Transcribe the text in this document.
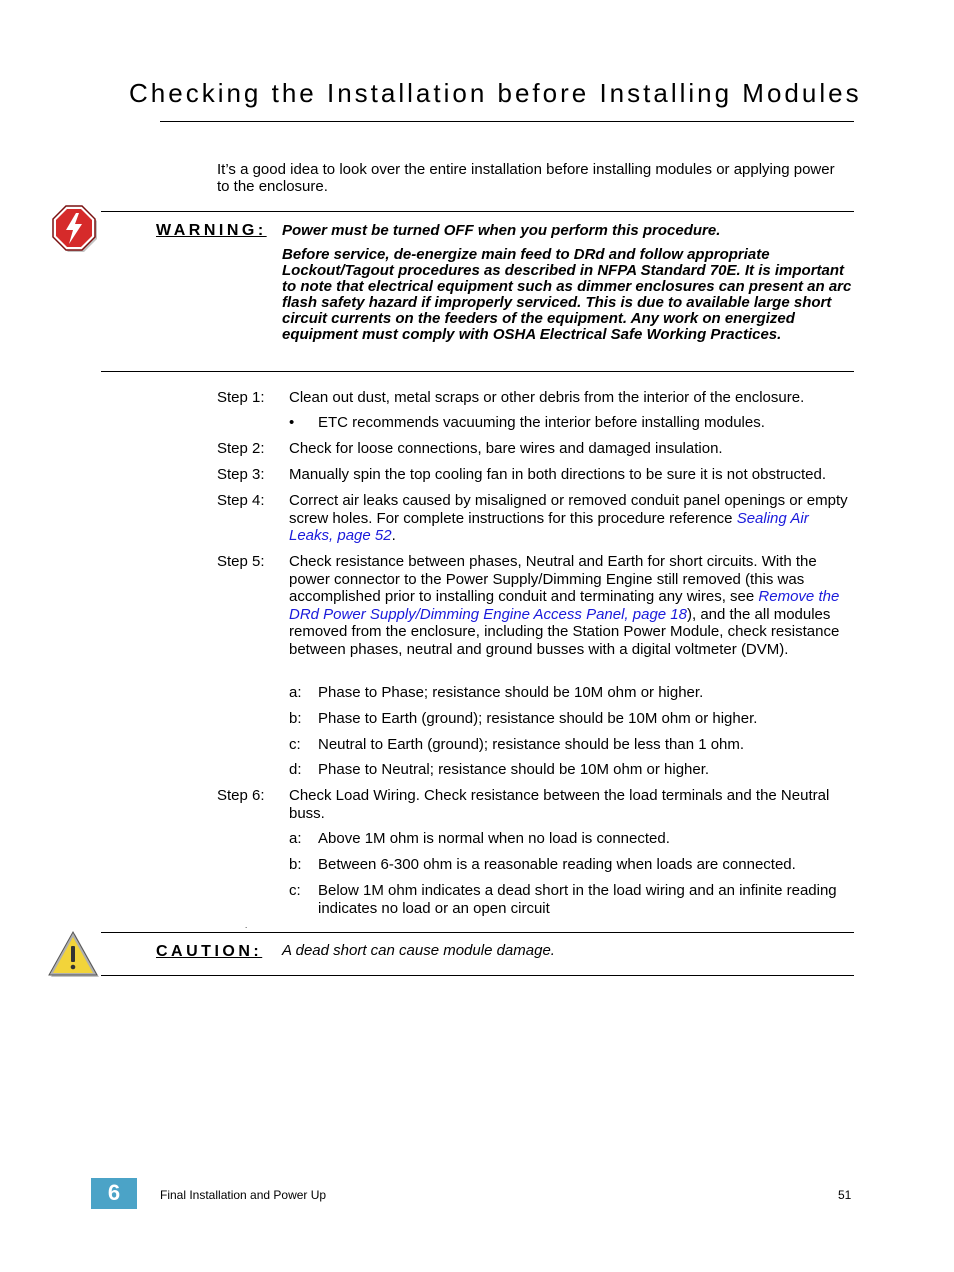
Checking the Installation before Installing Modules

It’s a good idea to look over the entire installation before installing modules or applying power to the enclosure.

WARNING: Power must be turned OFF when you perform this procedure.

Before service, de-energize main feed to DRd and follow appropriate Lockout/Tagout procedures as described in NFPA Standard 70E. It is important to note that electrical equipment such as dimmer enclosures can present an arc flash safety hazard if improperly serviced. This is due to available large short circuit currents on the feeders of the equipment. Any work on energized equipment must comply with OSHA Electrical Safe Working Practices.

Step 1: Clean out dust, metal scraps or other debris from the interior of the enclosure.
• ETC recommends vacuuming the interior before installing modules.
Step 2: Check for loose connections, bare wires and damaged insulation.
Step 3: Manually spin the top cooling fan in both directions to be sure it is not obstructed.
Step 4: Correct air leaks caused by misaligned or removed conduit panel openings or empty screw holes. For complete instructions for this procedure reference Sealing Air Leaks, page 52.
Step 5: Check resistance between phases, Neutral and Earth for short circuits. With the power connector to the Power Supply/Dimming Engine still removed (this was accomplished prior to installing conduit and terminating any wires, see Remove the DRd Power Supply/Dimming Engine Access Panel, page 18), and the all modules removed from the enclosure, including the Station Power Module, check resistance between phases, neutral and ground busses with a digital voltmeter (DVM).
a: Phase to Phase; resistance should be 10M ohm or higher.
b: Phase to Earth (ground); resistance should be 10M ohm or higher.
c: Neutral to Earth (ground); resistance should be less than 1 ohm.
d: Phase to Neutral; resistance should be 10M ohm or higher.
Step 6: Check Load Wiring. Check resistance between the load terminals and the Neutral buss.
a: Above 1M ohm is normal when no load is connected.
b: Between 6-300 ohm is a reasonable reading when loads are connected.
c: Below 1M ohm indicates a dead short in the load wiring and an infinite reading indicates no load or an open circuit
.
CAUTION: A dead short can cause module damage.
6	Final Installation and Power Up	51
